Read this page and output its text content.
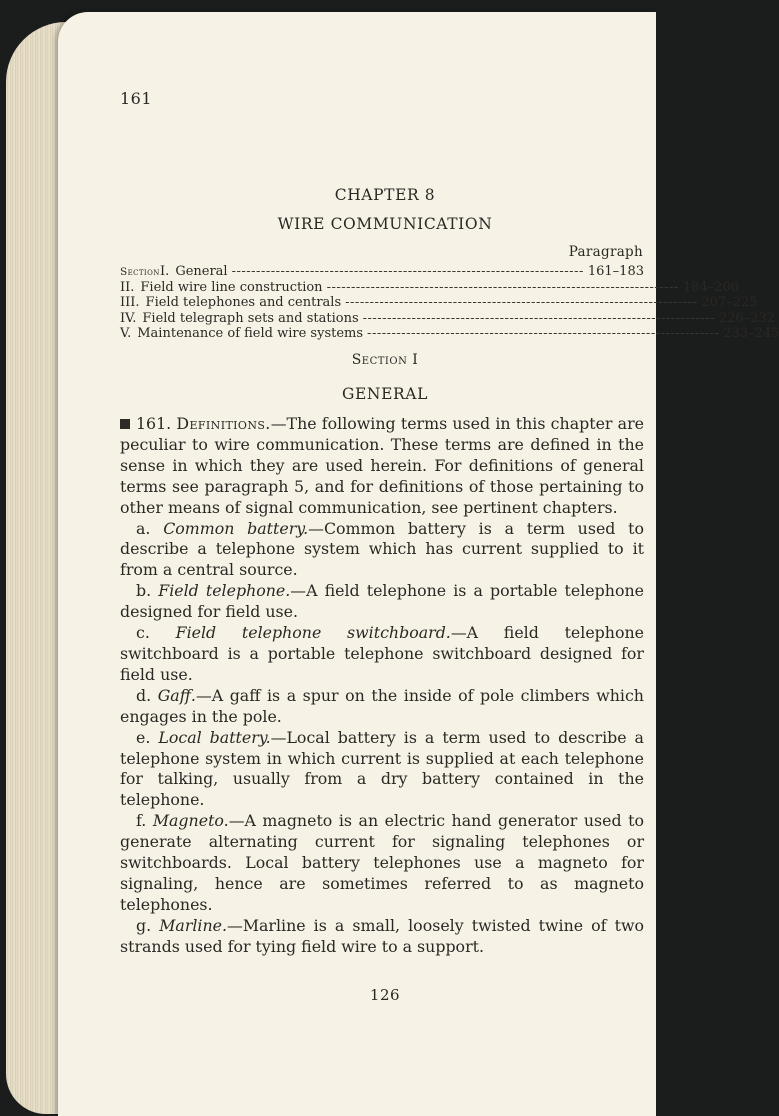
161
CHAPTER 8
WIRE COMMUNICATION
Paragraph
Section I. General ------------------------------------------------------------------------ 161–183
II. Field wire line construction ------------------------------------------------------------------------ 184–206
III. Field telephones and centrals ------------------------------------------------------------------------ 207–225
IV. Field telegraph sets and stations ------------------------------------------------------------------------ 226–232
V. Maintenance of field wire systems ------------------------------------------------------------------------ 233–245
Section I
GENERAL

161. Definitions.—The following terms used in this chapter are peculiar to wire communication. These terms are defined in the sense in which they are used herein. For definitions of general terms see paragraph 5, and for definitions of those pertaining to other means of signal communication, see pertinent chapters.

a. Common battery.—Common battery is a term used to describe a telephone system which has current supplied to it from a central source.

b. Field telephone.—A field telephone is a portable telephone designed for field use.

c. Field telephone switchboard.—A field telephone switchboard is a portable telephone switchboard designed for field use.

d. Gaff.—A gaff is a spur on the inside of pole climbers which engages in the pole.

e. Local battery.—Local battery is a term used to describe a telephone system in which current is supplied at each telephone for talking, usually from a dry battery contained in the telephone.

f. Magneto.—A magneto is an electric hand generator used to generate alternating current for signaling telephones or switchboards. Local battery telephones use a magneto for signaling, hence are sometimes referred to as magneto telephones.

g. Marline.—Marline is a small, loosely twisted twine of two strands used for tying field wire to a support.

126
